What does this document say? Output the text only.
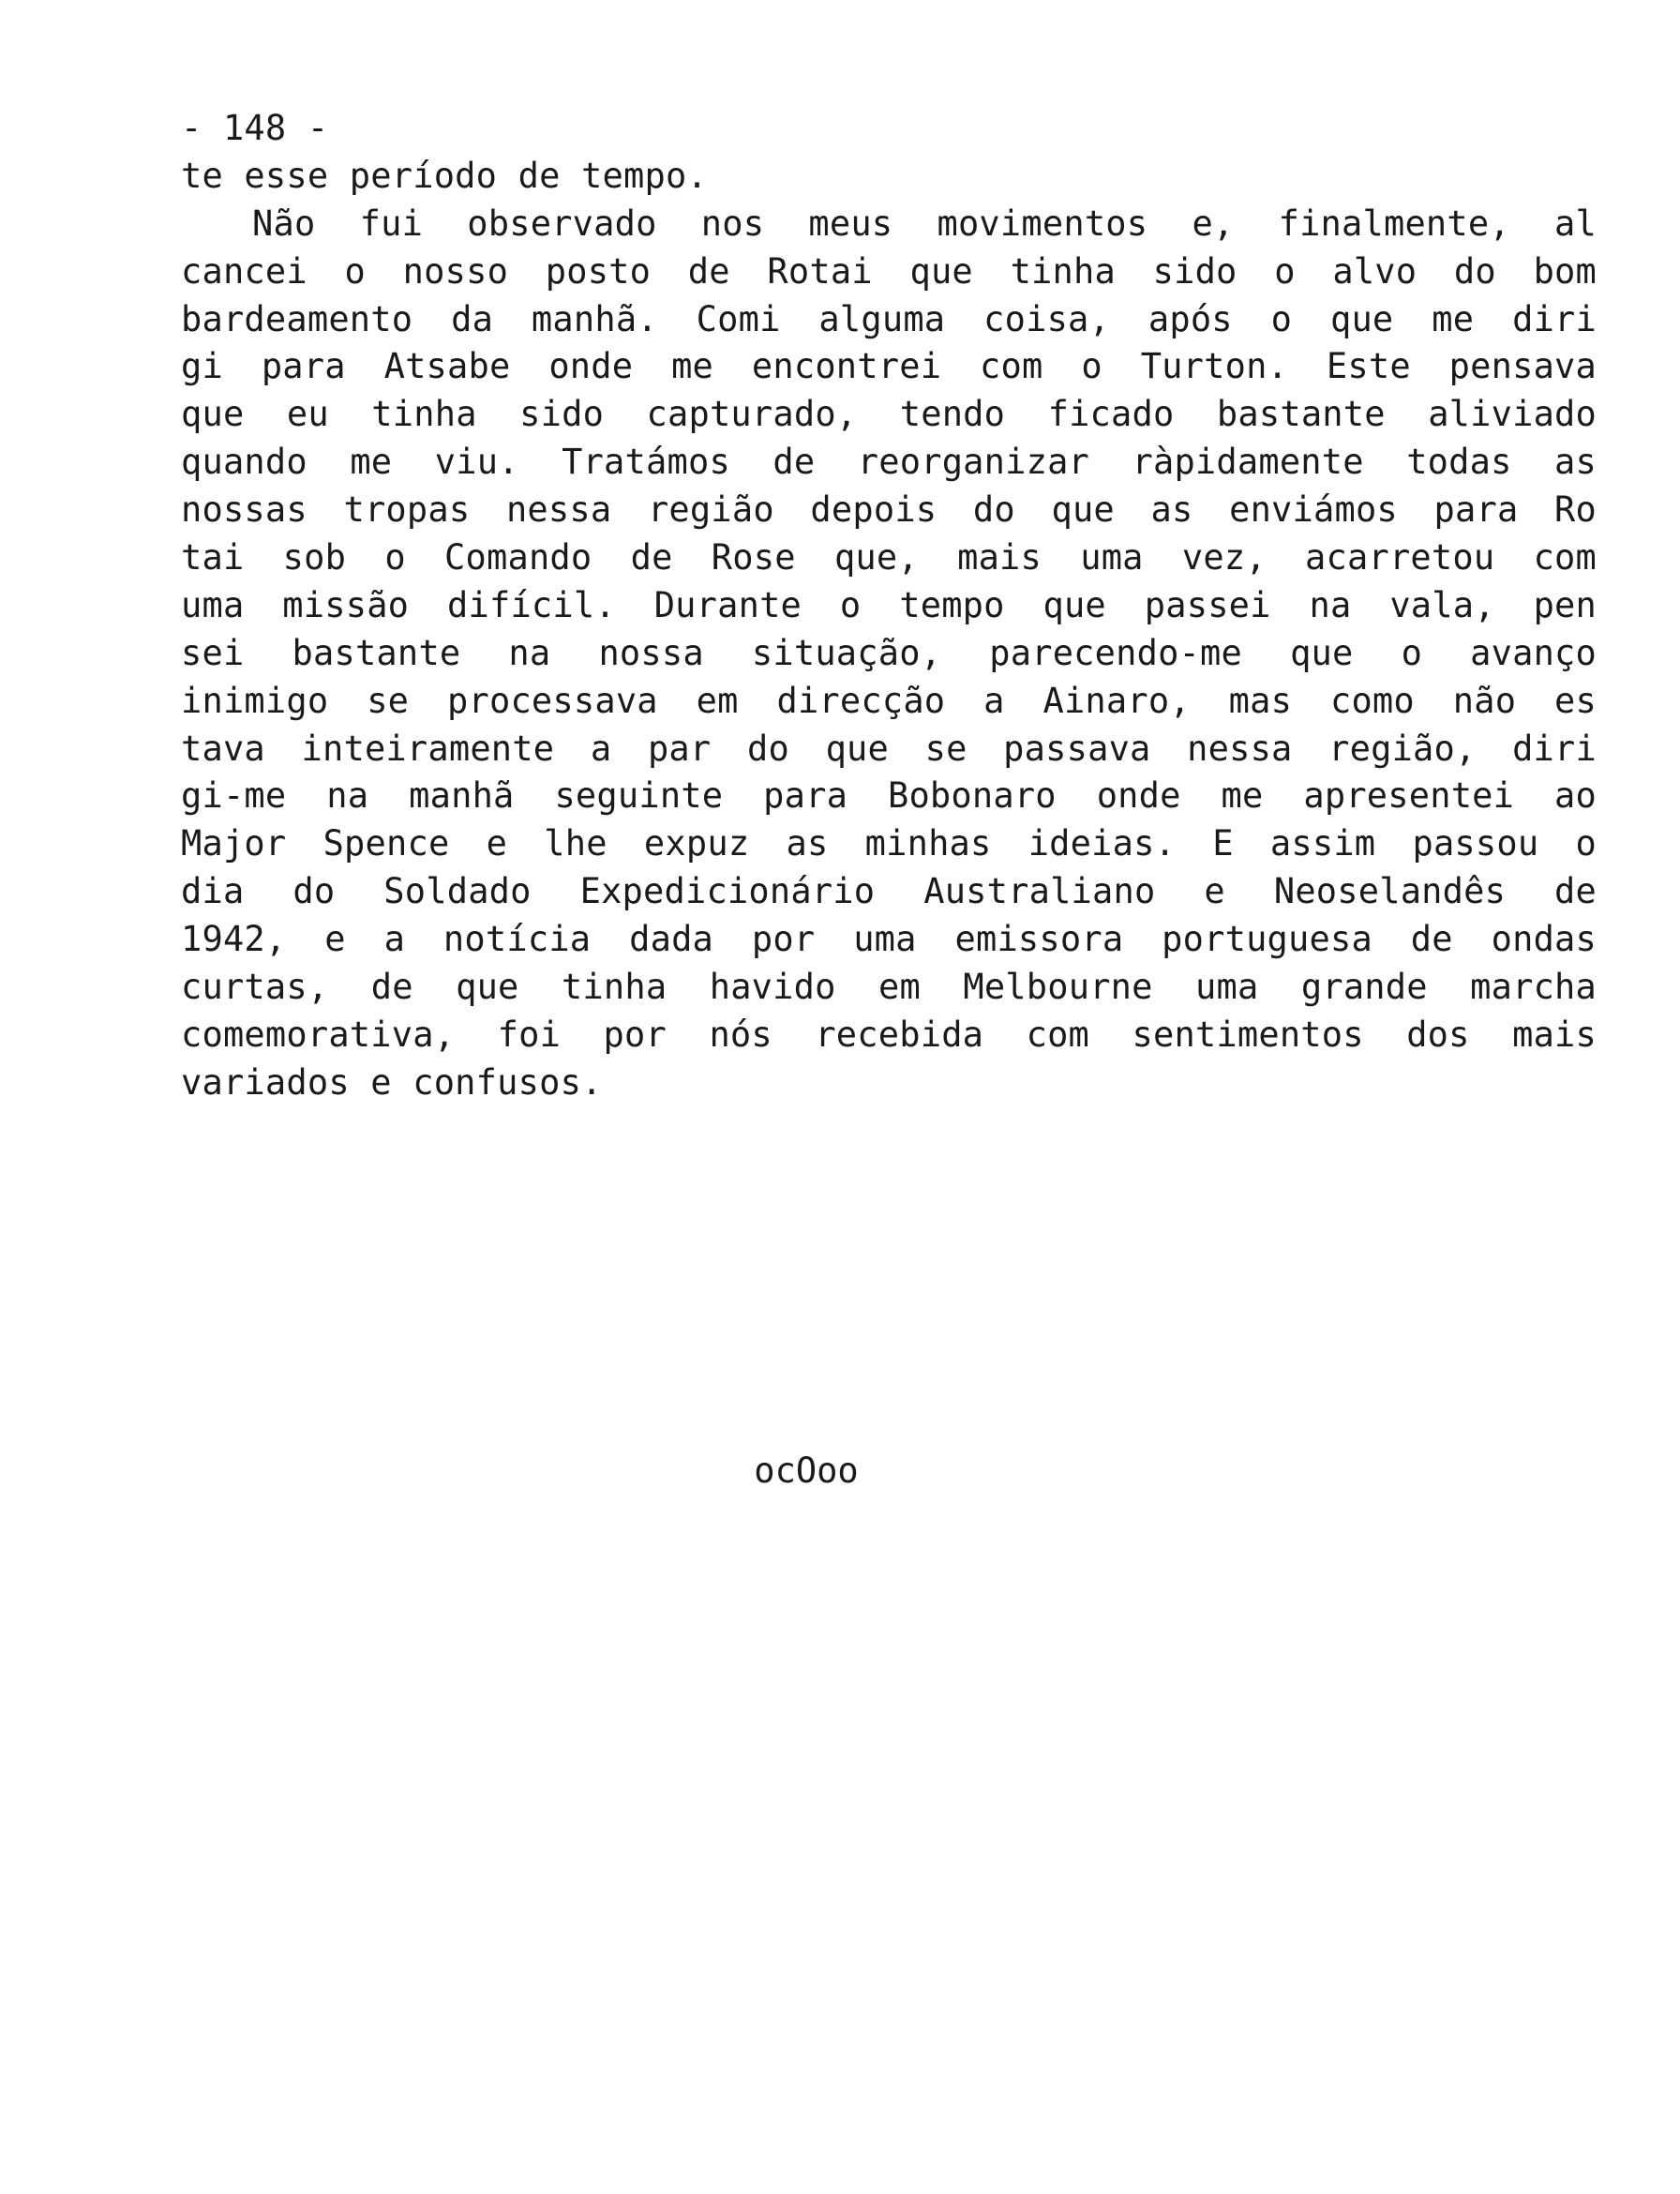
- 148 -
te esse período de tempo.
Não fui observado nos meus movimentos e, finalmente, al
cancei o nosso posto de Rotai que tinha sido o alvo do bom
bardeamento da manhã. Comi alguma coisa, após o que me diri
gi para Atsabe onde me encontrei com o Turton. Este pensava
que eu tinha sido capturado, tendo ficado bastante aliviado
quando me viu. Tratámos de reorganizar ràpidamente todas as
nossas tropas nessa região depois do que as enviámos para Ro
tai sob o Comando de Rose que, mais uma vez, acarretou com
uma missão difícil. Durante o tempo que passei na vala, pen
sei bastante na nossa situação, parecendo-me que o avanço
inimigo se processava em direcção a Ainaro, mas como não es
tava inteiramente a par do que se passava nessa região, diri
gi-me na manhã seguinte para Bobonaro onde me apresentei ao
Major Spence e lhe expuz as minhas ideias. E assim passou o
dia do Soldado Expedicionário Australiano e Neoselandês de
1942, e a notícia dada por uma emissora portuguesa de ondas
curtas, de que tinha havido em Melbourne uma grande marcha
comemorativa, foi por nós recebida com sentimentos dos mais
variados e confusos.
ocOoo
